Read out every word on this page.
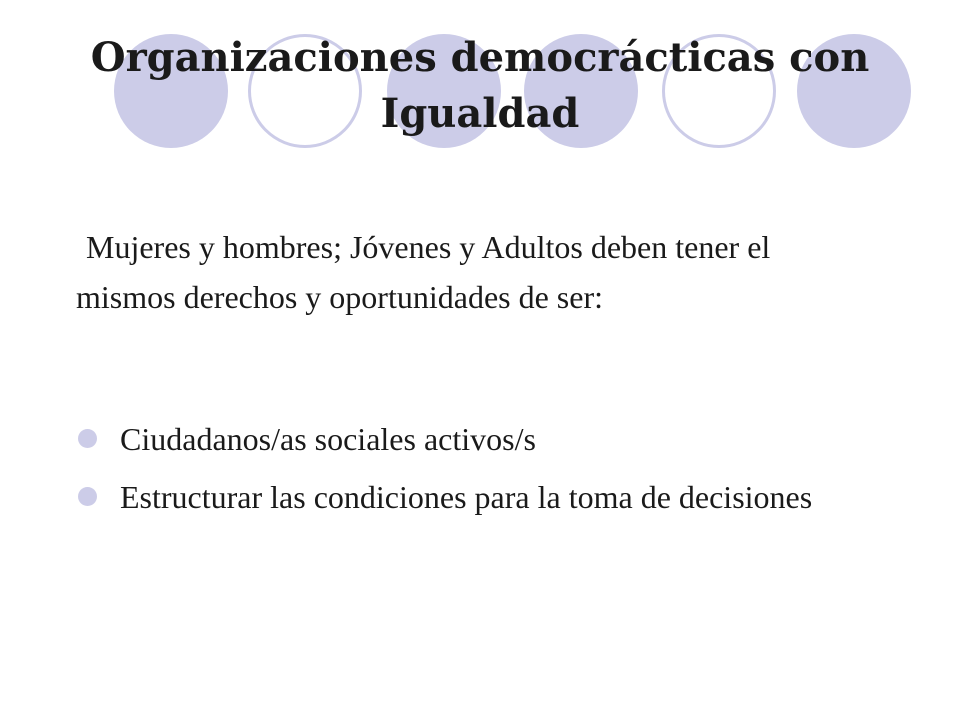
Organizaciones democrácticas con Igualdad
Mujeres y hombres; Jóvenes y Adultos deben tener el mismos derechos y oportunidades de ser:
Ciudadanos/as sociales activos/s
Estructurar las condiciones para la toma de decisiones
